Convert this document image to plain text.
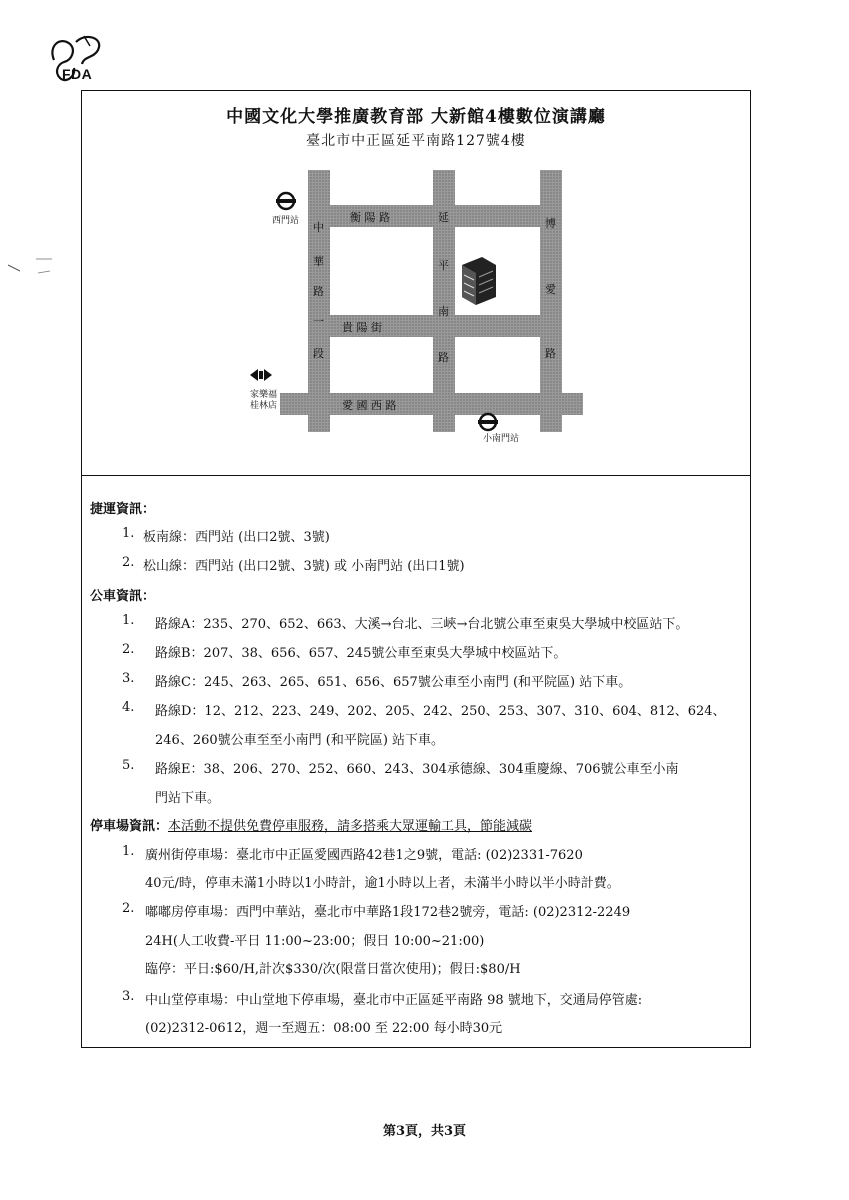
FDA
中國文化大學推廣教育部 大新館4樓數位演講廳
臺北市中正區延平南路127號4樓
衡 陽 路
貴 陽 街
愛 國 西 路
中
華
路
一
段
延
平
南
路
博
愛
路
西門站
小南門站
家樂福
桂林店
捷運資訊：
1. 板南線：西門站 (出口2號、3號)
2. 松山線：西門站 (出口2號、3號) 或 小南門站 (出口1號)
公車資訊：
1. 路線A：235、270、652、663、大溪→台北、三峽→台北號公車至東吳大學城中校區站下。
2. 路線B：207、38、656、657、245號公車至東吳大學城中校區站下。
3. 路線C：245、263、265、651、656、657號公車至小南門 (和平院區) 站下車。
4. 路線D：12、212、223、249、202、205、242、250、253、307、310、604、812、624、
246、260號公車至至小南門 (和平院區) 站下車。
5. 路線E：38、206、270、252、660、243、304承德線、304重慶線、706號公車至小南
門站下車。
停車場資訊：本活動不提供免費停車服務，請多搭乘大眾運輸工具，節能減碳
1. 廣州街停車場：臺北市中正區愛國西路42巷1之9號，電話: (02)2331-7620
40元/時，停車未滿1小時以1小時計，逾1小時以上者，未滿半小時以半小時計費。
2. 嘟嘟房停車場：西門中華站，臺北市中華路1段172巷2號旁，電話: (02)2312-2249
24H(人工收費-平日 11:00~23:00；假日 10:00~21:00)
臨停：平日:$60/H,計次$330/次(限當日當次使用)；假日:$80/H
3. 中山堂停車場：中山堂地下停車場，臺北市中正區延平南路 98 號地下，交通局停管處:
(02)2312-0612，週一至週五：08:00 至 22:00 每小時30元
第3頁，共3頁
